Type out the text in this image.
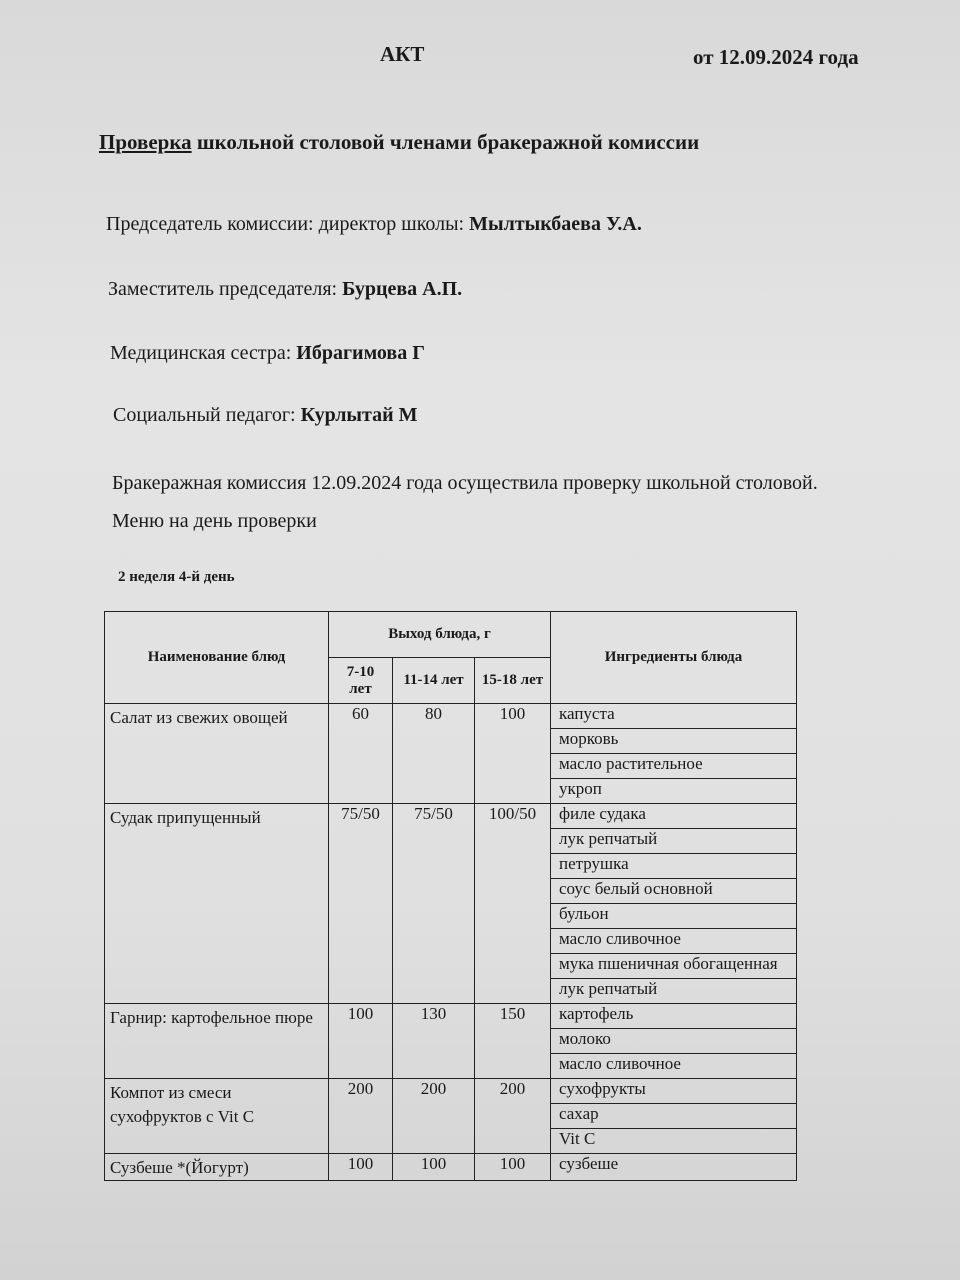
АКТ	от 12.09.2024 года
Проверка школьной столовой членами бракеражной комиссии
Председатель комиссии: директор школы: Мылтыкбаева У.А.
Заместитель председателя: Бурцева А.П.
Медицинская сестра: Ибрагимова Г
Социальный педагог: Курлытай М
Бракеражная комиссия 12.09.2024 года осуществила проверку школьной столовой. Меню на день проверки
2 неделя 4-й день
Наименование блюд	Выход блюда, г			Ингредиенты блюда
	7-10 лет	11-14 лет	15-18 лет	
Салат из свежих овощей	60	80	100	капуста
				морковь
				масло растительное
				укроп
Судак припущенный	75/50	75/50	100/50	филе судака
				лук репчатый
				петрушка
				соус белый основной
				бульон
				масло сливочное
				мука пшеничная обогащенная
				лук репчатый
Гарнир: картофельное пюре	100	130	150	картофель
				молоко
				масло сливочное
Компот из смеси сухофруктов с Vit C	200	200	200	сухофрукты
				сахар
				Vit C
Сузбеше *(Йогурт)	100	100	100	сузбеше
